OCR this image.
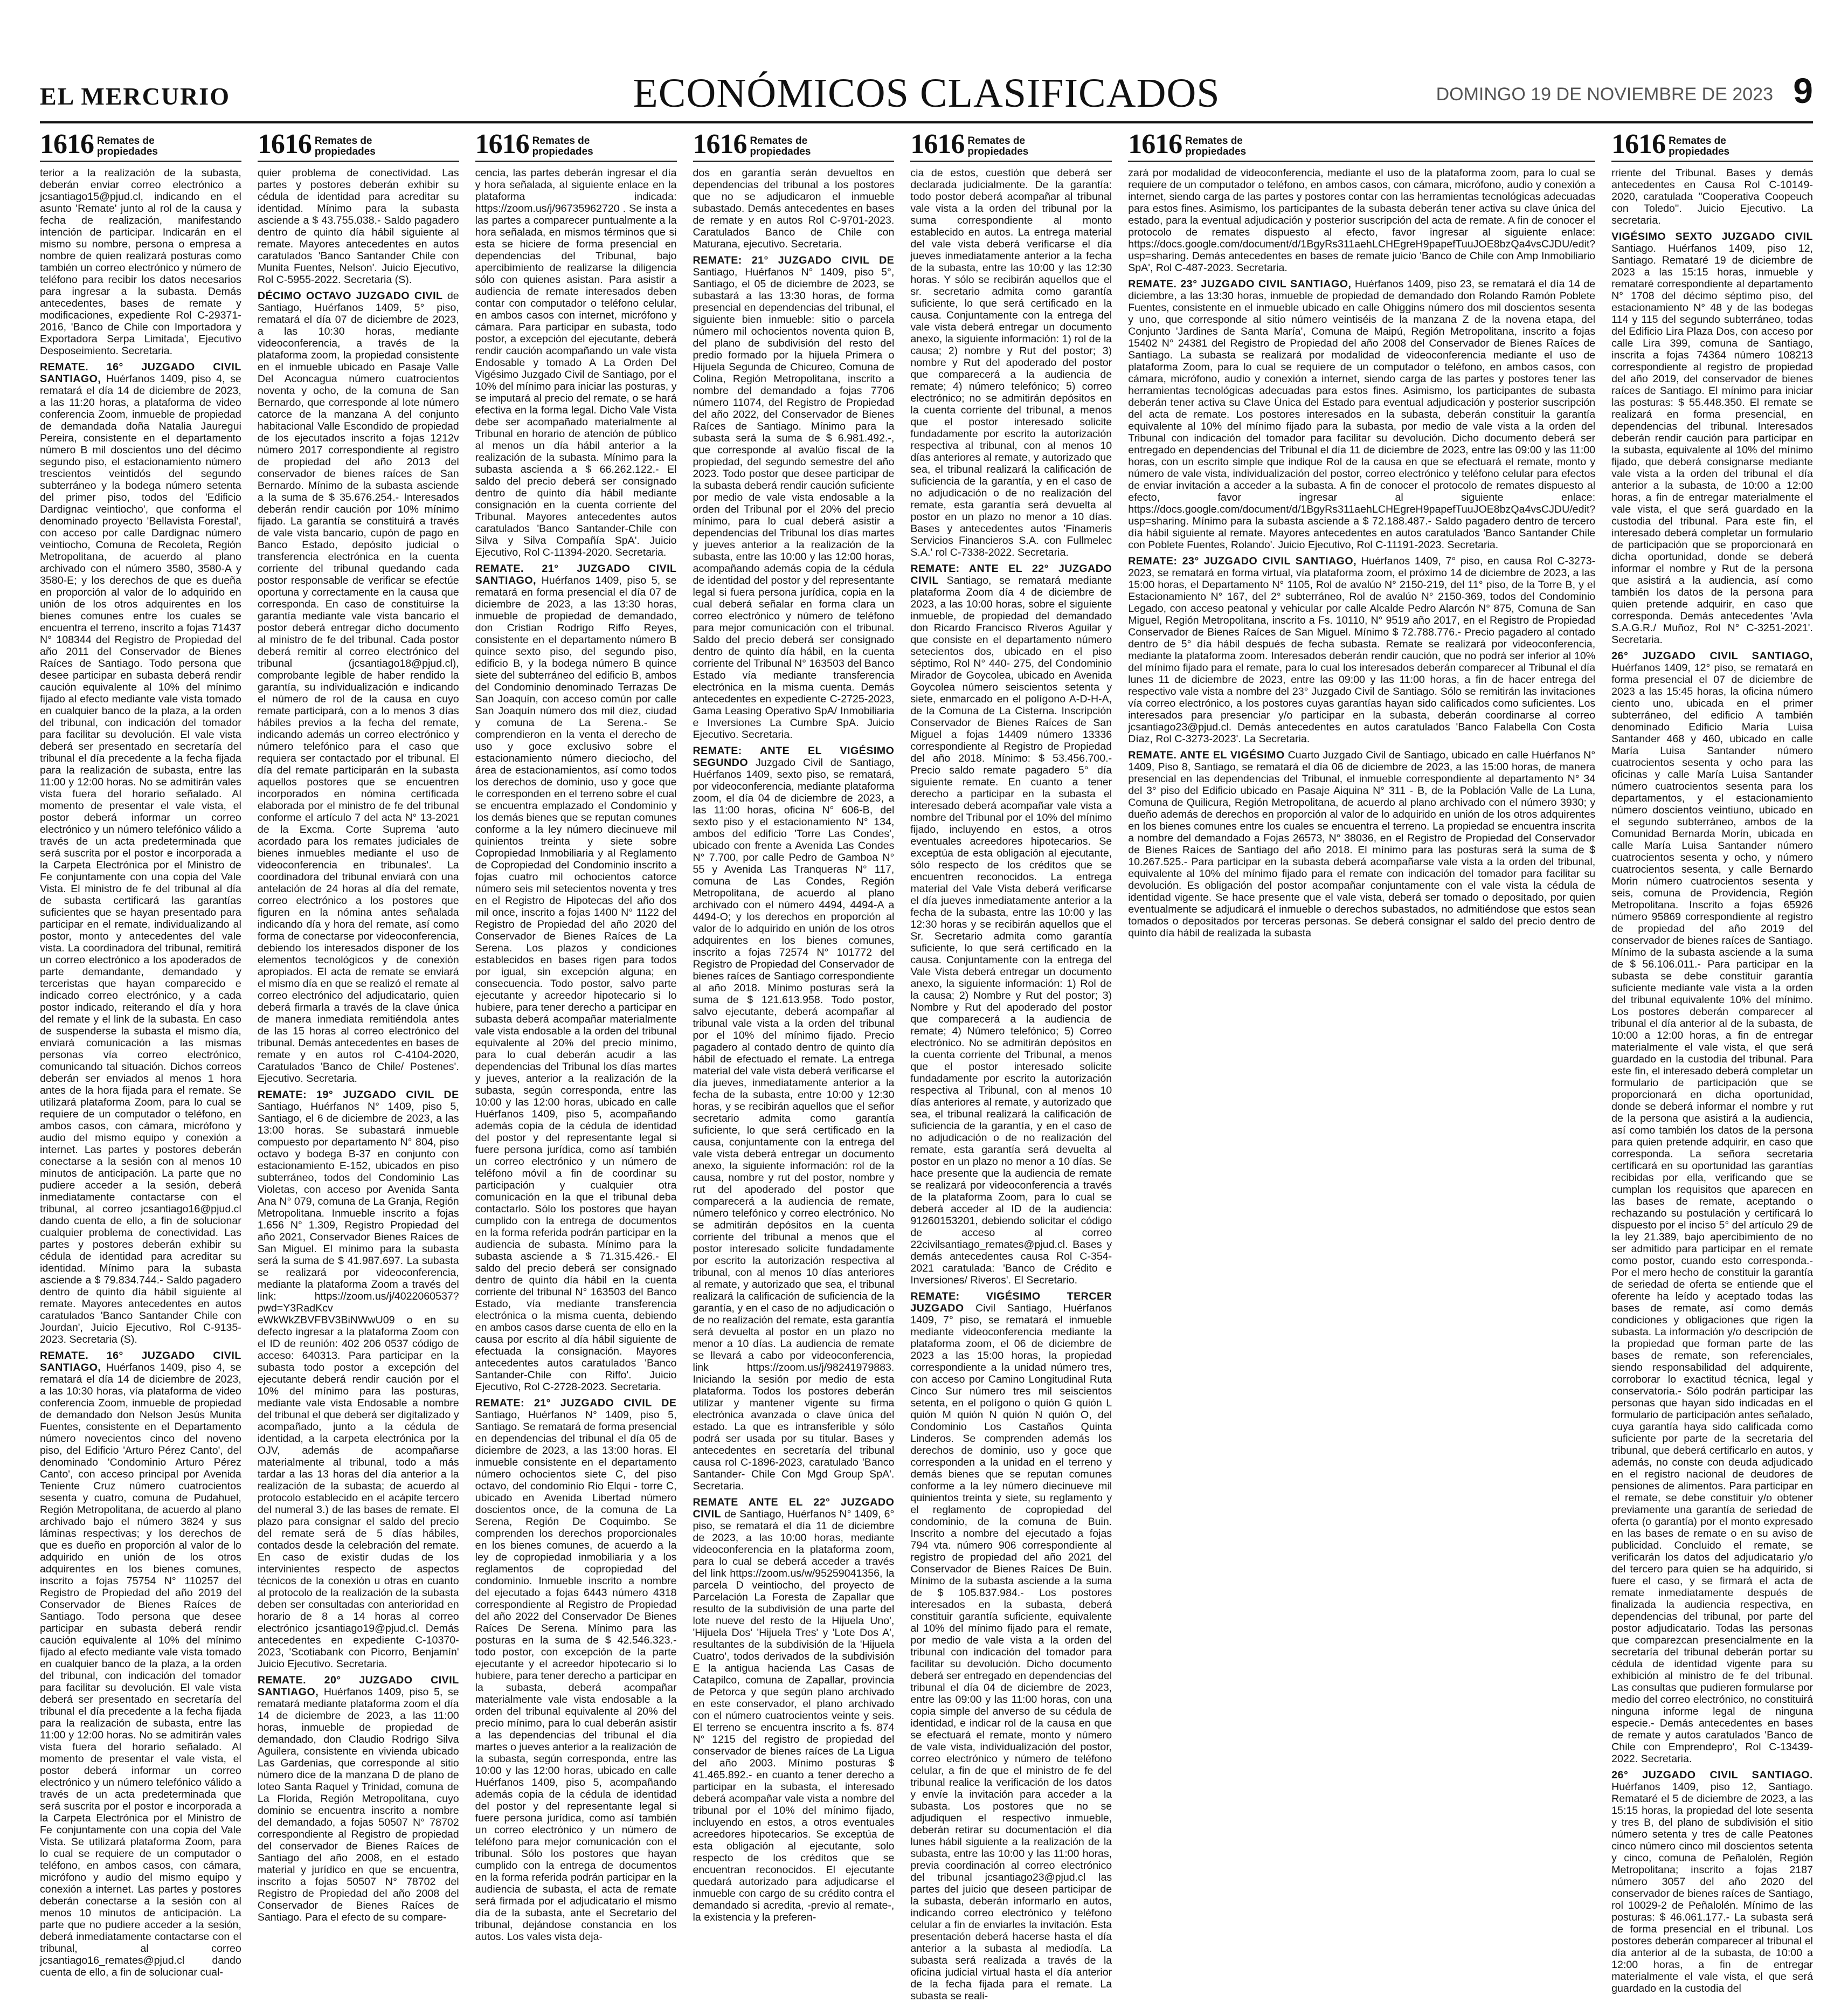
EL MERCURIO	ECONÓMICOS CLASIFICADOS	DOMINGO 19 DE NOVIEMBRE DE 2023 9
1616 Remates de
propiedades

terior a la realización de la subasta, deberán enviar correo electrónico a jcsantiago15@pjud.cl, indicando en el asunto 'Remate' junto al rol de la causa y fecha de realización, manifestando intención de participar. Indicarán en el mismo su nombre, persona o empresa a nombre de quien realizará posturas como también un correo electrónico y número de teléfono para recibir los datos necesarios para ingresar a la subasta. Demás antecedentes, bases de remate y modificaciones, expediente Rol C-29371-2016, 'Banco de Chile con Importadora y Exportadora Serpa Limitada', Ejecutivo Desposeimiento. Secretaria.

REMATE. 16° JUZGADO CIVIL SANTIAGO, Huérfanos 1409, piso 4, se rematará el día 14 de diciembre de 2023, a las 11:20 horas, a plataforma de video conferencia Zoom, inmueble de propiedad de demandada doña Natalia Jauregui Pereira, consistente en el departamento número B mil doscientos uno del décimo segundo piso, el estacionamiento número trescientos veintidós del segundo subterráneo y la bodega número setenta del primer piso, todos del 'Edificio Dardignac veintiocho', que conforma el denominado proyecto 'Bellavista Forestal', con acceso por calle Dardignac número veintiocho, Comuna de Recoleta, Región Metropolitana, de acuerdo al plano archivado con el número 3580, 3580-A y 3580-E; y los derechos de que es dueña en proporción al valor de lo adquirido en unión de los otros adquirentes en los bienes comunes entre los cuales se encuentra el terreno, inscrito a fojas 71437 N° 108344 del Registro de Propiedad del año 2011 del Conservador de Bienes Raíces de Santiago. Todo persona que desee participar en subasta deberá rendir caución equivalente al 10% del mínimo fijado al efecto mediante vale vista tomado en cualquier banco de la plaza, a la orden del tribunal, con indicación del tomador para facilitar su devolución. El vale vista deberá ser presentado en secretaría del tribunal el día precedente a la fecha fijada para la realización de subasta, entre las 11:00 y 12:00 horas. No se admitirán vales vista fuera del horario señalado. Al momento de presentar el vale vista, el postor deberá informar un correo electrónico y un número telefónico válido a través de un acta predeterminada que será suscrita por el postor e incorporada a la Carpeta Electrónica por el Ministro de Fe conjuntamente con una copia del Vale Vista. El ministro de fe del tribunal al día de subasta certificará las garantías suficientes que se hayan presentado para participar en el remate, individualizando al postor, monto y antecedentes del vale vista. La coordinadora del tribunal, remitirá un correo electrónico a los apoderados de parte demandante, demandado y terceristas que hayan comparecido e indicado correo electrónico, y a cada postor indicado, reiterando el día y hora del remate y el link de la subasta. En caso de suspenderse la subasta el mismo día, enviará comunicación a las mismas personas vía correo electrónico, comunicando tal situación. Dichos correos deberán ser enviados al menos 1 hora antes de la hora fijada para el remate. Se utilizará plataforma Zoom, para lo cual se requiere de un computador o teléfono, en ambos casos, con cámara, micrófono y audio del mismo equipo y conexión a internet. Las partes y postores deberán conectarse a la sesión con al menos 10 minutos de anticipación. La parte que no pudiere acceder a la sesión, deberá inmediatamente contactarse con el tribunal, al correo jcsantiago16@pjud.cl dando cuenta de ello, a fin de solucionar cualquier problema de conectividad. Las partes y postores deberán exhibir su cédula de identidad para acreditar su identidad. Mínimo para la subasta asciende a $ 79.834.744.- Saldo pagadero dentro de quinto día hábil siguiente al remate. Mayores antecedentes en autos caratulados 'Banco Santander Chile con Jourdan', Juicio Ejecutivo, Rol C-9135-2023. Secretaria (S).

REMATE. 16° JUZGADO CIVIL SANTIAGO, Huérfanos 1409, piso 4, se rematará el día 14 de diciembre de 2023, a las 10:30 horas, vía plataforma de video conferencia Zoom, inmueble de propiedad de demandado don Nelson Jesús Munita Fuentes, consistente en el Departamento número novecientos cinco del noveno piso, del Edificio 'Arturo Pérez Canto', del denominado 'Condominio Arturo Pérez Canto', con acceso principal por Avenida Teniente Cruz número cuatrocientos sesenta y cuatro, comuna de Pudahuel, Región Metropolitana, de acuerdo al plano archivado bajo el número 3824 y sus láminas respectivas; y los derechos de que es dueño en proporción al valor de lo adquirido en unión de los otros adquirentes en los bienes comunes, inscrito a fojas 75754 N° 110257 del Registro de Propiedad del año 2019 del Conservador de Bienes Raíces de Santiago. Todo persona que desee participar en subasta deberá rendir caución equivalente al 10% del mínimo fijado al efecto mediante vale vista tomado en cualquier banco de la plaza, a la orden del tribunal, con indicación del tomador para facilitar su devolución. El vale vista deberá ser presentado en secretaría del tribunal el día precedente a la fecha fijada para la realización de subasta, entre las 11:00 y 12:00 horas. No se admitirán vales vista fuera del horario señalado. Al momento de presentar el vale vista, el postor deberá informar un correo electrónico y un número telefónico válido a través de un acta predeterminada que será suscrita por el postor e incorporada a la Carpeta Electrónica por el Ministro de Fe conjuntamente con una copia del Vale Vista. Se utilizará plataforma Zoom, para lo cual se requiere de un computador o teléfono, en ambos casos, con cámara, micrófono y audio del mismo equipo y conexión a internet. Las partes y postores deberán conectarse a la sesión con al menos 10 minutos de anticipación. La parte que no pudiere acceder a la sesión, deberá inmediatamente contactarse con el tribunal, al correo jcsantiago16_remates@pjud.cl dando cuenta de ello, a fin de solucionar cual-

1616 Remates de
propiedades

quier problema de conectividad. Las partes y postores deberán exhibir su cédula de identidad para acreditar su identidad. Mínimo para la subasta asciende a $ 43.755.038.- Saldo pagadero dentro de quinto día hábil siguiente al remate. Mayores antecedentes en autos caratulados 'Banco Santander Chile con Munita Fuentes, Nelson'. Juicio Ejecutivo, Rol C-5955-2022. Secretaria (S).

DÉCIMO OCTAVO JUZGADO CIVIL de Santiago, Huérfanos 1409, 5° piso, rematará el día 07 de diciembre de 2023, a las 10:30 horas, mediante videoconferencia, a través de la plataforma zoom, la propiedad consistente en el inmueble ubicado en Pasaje Valle Del Aconcagua número cuatrocientos noventa y ocho, de la comuna de San Bernardo, que corresponde al lote número catorce de la manzana A del conjunto habitacional Valle Escondido de propiedad de los ejecutados inscrito a fojas 1212v número 2017 correspondiente al registro de propiedad del año 2013 del conservador de bienes raíces de San Bernardo. Mínimo de la subasta asciende a la suma de $ 35.676.254.- Interesados deberán rendir caución por 10% mínimo fijado. La garantía se constituirá a través de vale vista bancario, cupón de pago en Banco Estado, depósito judicial o transferencia electrónica en la cuenta corriente del tribunal quedando cada postor responsable de verificar se efectúe oportuna y correctamente en la causa que corresponda. En caso de constituirse la garantía mediante vale vista bancario el postor deberá entregar dicho documento al ministro de fe del tribunal. Cada postor deberá remitir al correo electrónico del tribunal (jcsantiago18@pjud.cl), comprobante legible de haber rendido la garantía, su individualización e indicando el número de rol de la causa en cuyo remate participará, con a lo menos 3 días hábiles previos a la fecha del remate, indicando además un correo electrónico y número telefónico para el caso que requiera ser contactado por el tribunal. El día del remate participarán en la subasta aquellos postores que se encuentren incorporados en nómina certificada elaborada por el ministro de fe del tribunal conforme el artículo 7 del acta N° 13-2021 de la Excma. Corte Suprema 'auto acordado para los remates judiciales de bienes inmuebles mediante el uso de videoconferencia en tribunales'. La coordinadora del tribunal enviará con una antelación de 24 horas al día del remate, correo electrónico a los postores que figuren en la nómina antes señalada indicando día y hora del remate, así como forma de conectarse por videoconferencia, debiendo los interesados disponer de los elementos tecnológicos y de conexión apropiados. El acta de remate se enviará el mismo día en que se realizó el remate al correo electrónico del adjudicatario, quien deberá firmarla a través de la clave única de manera inmediata remitiéndola antes de las 15 horas al correo electrónico del tribunal. Demás antecedentes en bases de remate y en autos rol C-4104-2020, Caratulados 'Banco de Chile/ Postenes'. Ejecutivo. Secretaria.

REMATE: 19° JUZGADO CIVIL DE Santiago, Huérfanos N° 1409, piso 5, Santiago, el 6 de diciembre de 2023, a las 13:00 horas. Se subastará inmueble compuesto por departamento N° 804, piso octavo y bodega B-37 en conjunto con estacionamiento E-152, ubicados en piso subterráneo, todos del Condominio Las Violetas, con acceso por Avenida Santa Ana N° 079, comuna de La Granja, Región Metropolitana. Inmueble inscrito a fojas 1.656 N° 1.309, Registro Propiedad del año 2021, Conservador Bienes Raíces de San Miguel. El mínimo para la subasta será la suma de $ 41.987.697. La subasta se realizará por videoconferencia, mediante la plataforma Zoom a través del link: https://zoom.us/j/4022060537?pwd=Y3RadKcv eWkWkZBVFBV3BiNWwU09 o en su defecto ingresar a la plataforma Zoom con el ID de reunión: 402 206 0537 código de acceso: 640313. Para participar en la subasta todo postor a excepción del ejecutante deberá rendir caución por el 10% del mínimo para las posturas, mediante vale vista Endosable a nombre del tribunal el que deberá ser digitalizado y acompañado, junto a la cédula de identidad, a la carpeta electrónica por la OJV, además de acompañarse materialmente al tribunal, todo a más tardar a las 13 horas del día anterior a la realización de la subasta; de acuerdo al protocolo establecido en el acápite tercero del numeral 3.) de las bases de remate. El plazo para consignar el saldo del precio del remate será de 5 días hábiles, contados desde la celebración del remate. En caso de existir dudas de los intervinientes respecto de aspectos técnicos de la conexión u otras en cuanto al protocolo de la realización de la subasta deben ser consultadas con anterioridad en horario de 8 a 14 horas al correo electrónico jcsantiago19@pjud.cl. Demás antecedentes en expediente C-10370-2023, 'Scotiabank con Picorro, Benjamín' Juicio Ejecutivo. Secretaria.

REMATE. 20° JUZGADO CIVIL SANTIAGO, Huérfanos 1409, piso 5, se rematará mediante plataforma zoom el día 14 de diciembre de 2023, a las 11:00 horas, inmueble de propiedad de demandado, don Claudio Rodrigo Silva Aguilera, consistente en vivienda ubicado Las Gardenias, que corresponde al sitio número dice de la manzana D de plano de loteo Santa Raquel y Trinidad, comuna de La Florida, Región Metropolitana, cuyo dominio se encuentra inscrito a nombre del demandado, a fojas 50507 N° 78702 correspondiente al Registro de propiedad del conservador de Bienes Raíces de Santiago del año 2008, en el estado material y jurídico en que se encuentra, inscrito a fojas 50507 N° 78702 del Registro de Propiedad del año 2008 del Conservador de Bienes Raíces de Santiago. Para el efecto de su compare-

1616 Remates de
propiedades

cencia, las partes deberán ingresar el día y hora señalada, al siguiente enlace en la plataforma indicada: https://zoom.us/j/96735962720 . Se insta a las partes a comparecer puntualmente a la hora señalada, en mismos términos que si esta se hiciere de forma presencial en dependencias del Tribunal, bajo apercibimiento de realizarse la diligencia sólo con quienes asistan. Para asistir a audiencia de remate interesados deben contar con computador o teléfono celular, en ambos casos con internet, micrófono y cámara. Para participar en subasta, todo postor, a excepción del ejecutante, deberá rendir caución acompañando un vale vista Endosable y tomado A La Orden Del Vigésimo Juzgado Civil de Santiago, por el 10% del mínimo para iniciar las posturas, y se imputará al precio del remate, o se hará efectiva en la forma legal. Dicho Vale Vista debe ser acompañado materialmente al Tribunal en horario de atención de público al menos un día hábil anterior a la realización de la subasta. Mínimo para la subasta ascienda a $ 66.262.122.- El saldo del precio deberá ser consignado dentro de quinto día hábil mediante consignación en la cuenta corriente del Tribunal. Mayores antecedentes autos caratulados 'Banco Santander-Chile con Silva y Silva Compañía SpA'. Juicio Ejecutivo, Rol C-11394-2020. Secretaria.

REMATE. 21° JUZGADO CIVIL SANTIAGO, Huérfanos 1409, piso 5, se rematará en forma presencial el día 07 de diciembre de 2023, a las 13:30 horas, inmueble de propiedad de demandado, don Cristian Rodrigo Riffo Reyes, consistente en el departamento número B quince sexto piso, del segundo piso, edificio B, y la bodega número B quince siete del subterráneo del edificio B, ambos del Condominio denominado Terrazas De San Joaquín, con acceso común por calle San Joaquín número dos mil diez, ciudad y comuna de La Serena.- Se comprendieron en la venta el derecho de uso y goce exclusivo sobre el estacionamiento número dieciocho, del área de estacionamientos, así como todos los derechos de dominio, uso y goce que le corresponden en el terreno sobre el cual se encuentra emplazado el Condominio y los demás bienes que se reputan comunes conforme a la ley número diecinueve mil quinientos treinta y siete sobre Copropiedad Inmobiliaria y al Reglamento de Copropiedad del Condominio inscrito a fojas cuatro mil ochocientos catorce número seis mil setecientos noventa y tres en el Registro de Hipotecas del año dos mil once, inscrito a fojas 1400 N° 1122 del Registro de Propiedad del año 2020 del Conservador de Bienes Raíces de La Serena. Los plazos y condiciones establecidos en bases rigen para todos por igual, sin excepción alguna; en consecuencia. Todo postor, salvo parte ejecutante y acreedor hipotecario si lo hubiere, para tener derecho a participar en subasta deberá acompañar materialmente vale vista endosable a la orden del tribunal equivalente al 20% del precio mínimo, para lo cual deberán acudir a las dependencias del Tribunal los días martes y jueves, anterior a la realización de la subasta, según corresponda, entre las 10:00 y las 12:00 horas, ubicado en calle Huérfanos 1409, piso 5, acompañando además copia de la cédula de identidad del postor y del representante legal si fuere persona jurídica, como así también un correo electrónico y un número de teléfono móvil a fin de coordinar su participación y cualquier otra comunicación en la que el tribunal deba contactarlo. Sólo los postores que hayan cumplido con la entrega de documentos en la forma referida podrán participar en la audiencia de subasta. Mínimo para la subasta asciende a $ 71.315.426.- El saldo del precio deberá ser consignado dentro de quinto día hábil en la cuenta corriente del tribunal N° 163503 del Banco Estado, vía mediante transferencia electrónica o la misma cuenta, debiendo en ambos casos darse cuenta de ello en la causa por escrito al día hábil siguiente de efectuada la consignación. Mayores antecedentes autos caratulados 'Banco Santander-Chile con Riffo'. Juicio Ejecutivo, Rol C-2728-2023. Secretaria.

REMATE: 21° JUZGADO CIVIL DE Santiago, Huérfanos N° 1409, piso 5, Santiago. Se rematará de forma presencial en dependencias del tribunal el día 05 de diciembre de 2023, a las 13:00 horas. El inmueble consistente en el departamento número ochocientos siete C, del piso octavo, del condominio Rio Elqui - torre C, ubicado en Avenida Libertad número doscientos once, de la comuna de La Serena, Región De Coquimbo. Se comprenden los derechos proporcionales en los bienes comunes, de acuerdo a la ley de copropiedad inmobiliaria y a los reglamentos de copropiedad del condominio. Inmueble inscrito a nombre del ejecutado a fojas 6443 número 4318 correspondiente al Registro de Propiedad del año 2022 del Conservador De Bienes Raíces De Serena. Mínimo para las posturas en la suma de $ 42.546.323.- todo postor, con excepción de la parte ejecutante y el acreedor hipotecario si lo hubiere, para tener derecho a participar en la subasta, deberá acompañar materialmente vale vista endosable a la orden del tribunal equivalente al 20% del precio mínimo, para lo cual deberán asistir a las dependencias del tribunal el día martes o jueves anterior a la realización de la subasta, según corresponda, entre las 10:00 y las 12:00 horas, ubicado en calle Huérfanos 1409, piso 5, acompañando además copia de la cédula de identidad del postor y del representante legal si fuere persona jurídica, como así también un correo electrónico y un número de teléfono para mejor comunicación con el tribunal. Sólo los postores que hayan cumplido con la entrega de documentos en la forma referida podrán participar en la audiencia de subasta, el acta de remate será firmada por el adjudicatario el mismo día de la subasta, ante el Secretario del tribunal, dejándose constancia en los autos. Los vales vista deja-

1616 Remates de
propiedades

dos en garantía serán devueltos en dependencias del tribunal a los postores que no se adjudicaron el inmueble subastado. Demás antecedentes en bases de remate y en autos Rol C-9701-2023. Caratulados Banco de Chile con Maturana, ejecutivo. Secretaria.

REMATE: 21° JUZGADO CIVIL DE Santiago, Huérfanos N° 1409, piso 5°, Santiago, el 05 de diciembre de 2023, se subastará a las 13:30 horas, de forma presencial en dependencias del tribunal, el siguiente bien inmueble: sitio o parcela número mil ochocientos noventa quion B, del plano de subdivisión del resto del predio formado por la hijuela Primera o Hijuela Segunda de Chicureo, Comuna de Colina, Región Metropolitana, inscrito a nombre del demandado a fojas 7706 número 11074, del Registro de Propiedad del año 2022, del Conservador de Bienes Raíces de Santiago. Mínimo para la subasta será la suma de $ 6.981.492.-, que corresponde al avalúo fiscal de la propiedad, del segundo semestre del año 2023. Todo postor que desee participar de la subasta deberá rendir caución suficiente por medio de vale vista endosable a la orden del Tribunal por el 20% del precio mínimo, para lo cual deberá asistir a dependencias del Tribunal los días martes y jueves anterior a la realización de la subasta, entre las 10:00 y las 12:00 horas, acompañando además copia de la cédula de identidad del postor y del representante legal si fuera persona jurídica, copia en la cual deberá señalar en forma clara un correo electrónico y número de teléfono para mejor comunicación con el tribunal. Saldo del precio deberá ser consignado dentro de quinto día hábil, en la cuenta corriente del Tribunal N° 163503 del Banco Estado vía mediante transferencia electrónica en la misma cuenta. Demás antecedentes en expediente C-2725-2023, Gama Leasing Operativo SpA/ Inmobiliaria e Inversiones La Cumbre SpA. Juicio Ejecutivo. Secretaria.

REMATE: ANTE EL VIGÉSIMO SEGUNDO Juzgado Civil de Santiago, Huérfanos 1409, sexto piso, se rematará, por videoconferencia, mediante plataforma zoom, el día 04 de diciembre de 2023, a las 11:00 horas, oficina N° 606-B, del sexto piso y el estacionamiento N° 134, ambos del edificio 'Torre Las Condes', ubicado con frente a Avenida Las Condes N° 7.700, por calle Pedro de Gamboa N° 55 y Avenida Las Tranqueras N° 117, comuna de Las Condes, Región Metropolitana, de acuerdo al plano archivado con el número 4494, 4494-A a 4494-O; y los derechos en proporción al valor de lo adquirido en unión de los otros adquirentes en los bienes comunes, inscrito a fojas 72574 N° 101772 del Registro de Propiedad del Conservador de bienes raíces de Santiago correspondiente al año 2018. Mínimo posturas será la suma de $ 121.613.958. Todo postor, salvo ejecutante, deberá acompañar al tribunal vale vista a la orden del tribunal por el 10% del mínimo fijado. Precio pagadero al contado dentro de quinto día hábil de efectuado el remate. La entrega material del vale vista deberá verificarse el día jueves, inmediatamente anterior a la fecha de la subasta, entre 10:00 y 12:30 horas, y se recibirán aquellos que el señor secretario admita como garantía suficiente, lo que será certificado en la causa, conjuntamente con la entrega del vale vista deberá entregar un documento anexo, la siguiente información: rol de la causa, nombre y rut del postor, nombre y rut del apoderado del postor que comparecerá a la audiencia de remate, número telefónico y correo electrónico. No se admitirán depósitos en la cuenta corriente del tribunal a menos que el postor interesado solicite fundadamente por escrito la autorización respectiva al tribunal, con al menos 10 días anteriores al remate, y autorizado que sea, el tribunal realizará la calificación de suficiencia de la garantía, y en el caso de no adjudicación o de no realización del remate, esta garantía será devuelta al postor en un plazo no menor a 10 días. La audiencia de remate se llevará a cabo por videoconferencia, link https://zoom.us/j/98241979883. Iniciando la sesión por medio de esta plataforma. Todos los postores deberán utilizar y mantener vigente su firma electrónica avanzada o clave única del estado. La que es intransferible y sólo podrá ser usada por su titular. Bases y antecedentes en secretaría del tribunal causa rol C-1896-2023, caratulado 'Banco Santander- Chile Con Mgd Group SpA'. Secretaria.

REMATE ANTE EL 22° JUZGADO CIVIL de Santiago, Huérfanos N° 1409, 6° piso, se rematará el día 11 de diciembre de 2023, a las 10:00 horas, mediante videoconferencia en la plataforma zoom, para lo cual se deberá acceder a través del link https://zoom.us/w/95259041356, la parcela D veintiocho, del proyecto de Parcelación La Foresta de Zapallar que resulto de la subdivisión de una parte del lote nueve del resto de la Hijuela Uno', 'Hijuela Dos' 'Hijuela Tres' y 'Lote Dos A', resultantes de la subdivisión de la 'Hijuela Cuatro', todos derivados de la subdivisión E la antigua hacienda Las Casas de Catapilco, comuna de Zapallar, provincia de Petorca y que según plano archivado en este conservador, el plano archivado con el número cuatrocientos veinte y seis. El terreno se encuentra inscrito a fs. 874 N° 1215 del registro de propiedad del conservador de bienes raíces de La Ligua del año 2003. Mínimo posturas $ 41.465.892.- en cuanto a tener derecho a participar en la subasta, el interesado deberá acompañar vale vista a nombre del tribunal por el 10% del mínimo fijado, incluyendo en estos, a otros eventuales acreedores hipotecarios. Se exceptúa de esta obligación al ejecutante, solo respecto de los créditos que se encuentran reconocidos. El ejecutante quedará autorizado para adjudicarse el inmueble con cargo de su crédito contra el demandado si acredita, -previo al remate-, la existencia y la preferen-

1616 Remates de
propiedades

cia de estos, cuestión que deberá ser declarada judicialmente. De la garantía: todo postor deberá acompañar al tribunal vale vista a la orden del tribunal por la suma correspondiente al monto establecido en autos. La entrega material del vale vista deberá verificarse el día jueves inmediatamente anterior a la fecha de la subasta, entre las 10:00 y las 12:30 horas. Y sólo se recibirán aquellos que el sr. secretario admita como garantía suficiente, lo que será certificado en la causa. Conjuntamente con la entrega del vale vista deberá entregar un documento anexo, la siguiente información: 1) rol de la causa; 2) nombre y Rut del postor; 3) nombre y Rut del apoderado del postor que comparecerá a la audiencia de remate; 4) número telefónico; 5) correo electrónico; no se admitirán depósitos en la cuenta corriente del tribunal, a menos que el postor interesado solicite fundadamente por escrito la autorización respectiva al tribunal, con al menos 10 días anteriores al remate, y autorizado que sea, el tribunal realizará la calificación de suficiencia de la garantía, y en el caso de no adjudicación o de no realización del remate, esta garantía será devuelta al postor en un plazo no menor a 10 días. Bases y antecedentes autos 'Finameris Servicios Financieros S.A. con Fullmelec S.A.' rol C-7338-2022. Secretaria.

REMATE: ANTE EL 22° JUZGADO CIVIL Santiago, se rematará mediante plataforma Zoom día 4 de diciembre de 2023, a las 10:00 horas, sobre el siguiente inmueble, de propiedad del demandado don Ricardo Francisco Riveros Aguilar y que consiste en el departamento número setecientos dos, ubicado en el piso séptimo, Rol N° 440- 275, del Condominio Mirador de Goycolea, ubicado en Avenida Goycolea número seiscientos setenta y siete, enmarcado en el polígono A-D-H-A, de la Comuna de La Cisterna. Inscripción Conservador de Bienes Raíces de San Miguel a fojas 14409 número 13336 correspondiente al Registro de Propiedad del año 2018. Mínimo: $ 53.456.700.- Precio saldo remate pagadero 5° día siguiente remate. En cuanto a tener derecho a participar en la subasta el interesado deberá acompañar vale vista a nombre del Tribunal por el 10% del mínimo fijado, incluyendo en estos, a otros eventuales acreedores hipotecarios. Se exceptúa de esta obligación al ejecutante, sólo respecto de los créditos que se encuentren reconocidos. La entrega material del Vale Vista deberá verificarse el día jueves inmediatamente anterior a la fecha de la subasta, entre las 10:00 y las 12:30 horas y se recibirán aquellos que el Sr. Secretario admita como garantía suficiente, lo que será certificado en la causa. Conjuntamente con la entrega del Vale Vista deberá entregar un documento anexo, la siguiente información: 1) Rol de la causa; 2) Nombre y Rut del postor; 3) Nombre y Rut del apoderado del postor que comparecerá a la audiencia de remate; 4) Número telefónico; 5) Correo electrónico. No se admitirán depósitos en la cuenta corriente del Tribunal, a menos que el postor interesado solicite fundadamente por escrito la autorización respectiva al Tribunal, con al menos 10 días anteriores al remate, y autorizado que sea, el tribunal realizará la calificación de suficiencia de la garantía, y en el caso de no adjudicación o de no realización del remate, esta garantía será devuelta al postor en un plazo no menor a 10 días. Se hace presente que la audiencia de remate se realizará por videoconferencia a través de la plataforma Zoom, para lo cual se deberá acceder al ID de la audiencia: 91260153201, debiendo solicitar el código de acceso al correo 22civilsantiago_remates@pjud.cl. Bases y demás antecedentes causa Rol C-354-2021 caratulada: 'Banco de Crédito e Inversiones/ Riveros'. El Secretario.

REMATE: VIGÉSIMO TERCER JUZGADO Civil Santiago, Huérfanos 1409, 7° piso, se rematará el inmueble mediante videoconferencia mediante la plataforma zoom, el 06 de diciembre de 2023 a las 15:00 horas, la propiedad correspondiente a la unidad número tres, con acceso por Camino Longitudinal Ruta Cinco Sur número tres mil seiscientos setenta, en el polígono o quión G quión L quión M quión N quión N quión O, del Condominio Los Castaños Quinta Linderos. Se comprenden además los derechos de dominio, uso y goce que corresponden a la unidad en el terreno y demás bienes que se reputan comunes conforme a la ley número diecinueve mil quinientos treinta y siete, su reglamento y el reglamento de copropiedad del condominio, de la comuna de Buin. Inscrito a nombre del ejecutado a fojas 794 vta. número 906 correspondiente al registro de propiedad del año 2021 del Conservador de Bienes Raíces De Buin. Mínimo de la subasta asciende a la suma de $ 105.837.984.- Los postores interesados en la subasta, deberá constituir garantía suficiente, equivalente al 10% del mínimo fijado para el remate, por medio de vale vista a la orden del tribunal con indicación del tomador para facilitar su devolución. Dicho documento deberá ser entregado en dependencias del tribunal el día 04 de diciembre de 2023, entre las 09:00 y las 11:00 horas, con una copia simple del anverso de su cédula de identidad, e indicar rol de la causa en que se efectuará el remate, monto y número de vale vista, individualización del postor, correo electrónico y número de teléfono celular, a fin de que el ministro de fe del tribunal realice la verificación de los datos y envíe la invitación para acceder a la subasta. Los postores que no se adjudiquen el respectivo inmueble, deberán retirar su documentación el día lunes hábil siguiente a la realización de la subasta, entre las 10:00 y las 11:00 horas, previa coordinación al correo electrónico del tribunal jcsantiago23@pjud.cl las partes del juicio que deseen participar de la subasta, deberán informarlo en autos, indicando correo electrónico y teléfono celular a fin de enviarles la invitación. Esta presentación deberá hacerse hasta el día anterior a la subasta al mediodía. La subasta será realizada a través de la oficina judicial virtual hasta el día anterior de la fecha fijada para el remate. La subasta se reali-

1616 Remates de
propiedades

zará por modalidad de videoconferencia, mediante el uso de la plataforma zoom, para lo cual se requiere de un computador o teléfono, en ambos casos, con cámara, micrófono, audio y conexión a internet, siendo carga de las partes y postores contar con las herramientas tecnológicas adecuadas para estos fines. Asimismo, los participantes de la subasta deberán tener activa su clave única del estado, para la eventual adjudicación y posterior suscripción del acta de remate. A fin de conocer el protocolo de remates dispuesto al efecto, favor ingresar al siguiente enlace: https://docs.google.com/document/d/1BgyRs311aehLCHEgreH9papefTuuJOE8bzQa4vsCJDU/edit?usp=sharing. Demás antecedentes en bases de remate juicio 'Banco de Chile con Amp Inmobiliario SpA', Rol C-487-2023. Secretaria.

REMATE. 23° JUZGADO CIVIL SANTIAGO, Huérfanos 1409, piso 23, se rematará el día 14 de diciembre, a las 13:30 horas, inmueble de propiedad de demandado don Rolando Ramón Poblete Fuentes, consistente en el inmueble ubicado en calle Ohiggins número dos mil doscientos sesenta y uno, que corresponde al sitio número veintiséis de la manzana Z de la novena etapa, del Conjunto 'Jardines de Santa María', Comuna de Maipú, Región Metropolitana, inscrito a fojas 15402 N° 24381 del Registro de Propiedad del año 2008 del Conservador de Bienes Raíces de Santiago. La subasta se realizará por modalidad de videoconferencia mediante el uso de plataforma Zoom, para lo cual se requiere de un computador o teléfono, en ambos casos, con cámara, micrófono, audio y conexión a internet, siendo carga de las partes y postores tener las herramientas tecnológicas adecuadas para estos fines. Asimismo, los participantes de subasta deberán tener activa su Clave Única del Estado para eventual adjudicación y posterior suscripción del acta de remate. Los postores interesados en la subasta, deberán constituir la garantía equivalente al 10% del mínimo fijado para la subasta, por medio de vale vista a la orden del Tribunal con indicación del tomador para facilitar su devolución. Dicho documento deberá ser entregado en dependencias del Tribunal el día 11 de diciembre de 2023, entre las 09:00 y las 11:00 horas, con un escrito simple que indique Rol de la causa en que se efectuará el remate, monto y número de vale vista, individualización del postor, correo electrónico y teléfono celular para efectos de enviar invitación a acceder a la subasta. A fin de conocer el protocolo de remates dispuesto al efecto, favor ingresar al siguiente enlace: https://docs.google.com/document/d/1BgyRs311aehLCHEgreH9papefTuuJOE8bzQa4vsCJDU/edit?usp=sharing. Mínimo para la subasta asciende a $ 72.188.487.- Saldo pagadero dentro de tercero día hábil siguiente al remate. Mayores antecedentes en autos caratulados 'Banco Santander Chile con Poblete Fuentes, Rolando'. Juicio Ejecutivo, Rol C-11191-2023. Secretaria.

REMATE: 23° JUZGADO CIVIL SANTIAGO, Huérfanos 1409, 7° piso, en causa Rol C-3273-2023, se rematará en forma virtual, vía plataforma zoom, el próximo 14 de diciembre de 2023, a las 15:00 horas, el Departamento N° 1105, Rol de avalúo N° 2150-219, del 11° piso, de la Torre B, y el Estacionamiento N° 167, del 2° subterráneo, Rol de avalúo N° 2150-369, todos del Condominio Legado, con acceso peatonal y vehicular por calle Alcalde Pedro Alarcón N° 875, Comuna de San Miguel, Región Metropolitana, inscrito a Fs. 10110, N° 9519 año 2017, en el Registro de Propiedad Conservador de Bienes Raíces de San Miguel. Mínimo $ 72.788.776.- Precio pagadero al contado dentro de 5° día hábil después de fecha subasta. Remate se realizará por videoconferencia, mediante la plataforma zoom. Interesados deberán rendir caución, que no podrá ser inferior al 10% del mínimo fijado para el remate, para lo cual los interesados deberán comparecer al Tribunal el día lunes 11 de diciembre de 2023, entre las 09:00 y las 11:00 horas, a fin de hacer entrega del respectivo vale vista a nombre del 23° Juzgado Civil de Santiago. Sólo se remitirán las invitaciones vía correo electrónico, a los postores cuyas garantías hayan sido calificados como suficientes. Los interesados para presenciar y/o participar en la subasta, deberán coordinarse al correo jcsantiago23@pjud.cl. Demás antecedentes en autos caratulados 'Banco Falabella Con Costa Díaz, Rol C-3273-2023'. La Secretaria.

REMATE. ANTE EL VIGÉSIMO Cuarto Juzgado Civil de Santiago, ubicado en calle Huérfanos N° 1409, Piso 8, Santiago, se rematará el día 06 de diciembre de 2023, a las 15:00 horas, de manera presencial en las dependencias del Tribunal, el inmueble correspondiente al departamento N° 34 del 3° piso del Edificio ubicado en Pasaje Aiquina N° 311 - B, de la Población Valle de La Luna, Comuna de Quilicura, Región Metropolitana, de acuerdo al plano archivado con el número 3930; y dueño además de derechos en proporción al valor de lo adquirido en unión de los otros adquirentes en los bienes comunes entre los cuales se encuentra el terreno. La propiedad se encuentra inscrita a nombre del demandado a Fojas 26573, N° 38036, en el Registro de Propiedad del Conservador de Bienes Raíces de Santiago del año 2018. El mínimo para las posturas será la suma de $ 10.267.525.- Para participar en la subasta deberá acompañarse vale vista a la orden del tribunal, equivalente al 10% del mínimo fijado para el remate con indicación del tomador para facilitar su devolución. Es obligación del postor acompañar conjuntamente con el vale vista la cédula de identidad vigente. Se hace presente que el vale vista, deberá ser tomado o depositado, por quien eventualmente se adjudicará el inmueble o derechos subastados, no admitiéndose que estos sean tomados o depositados por terceras personas. Se deberá consignar el saldo del precio dentro de quinto día hábil de realizada la subasta

1616 Remates de
propiedades

rriente del Tribunal. Bases y demás antecedentes en Causa Rol C-10149-2020, caratulada ''Cooperativa Coopeuch con Toledo''. Juicio Ejecutivo. La secretaria.

VIGÉSIMO SEXTO JUZGADO CIVIL Santiago. Huérfanos 1409, piso 12, Santiago. Remataré 19 de diciembre de 2023 a las 15:15 horas, inmueble y remataré correspondiente al departamento N° 1708 del décimo séptimo piso, del estacionamiento N° 48 y de las bodegas 114 y 115 del segundo subterráneo, todas del Edificio Lira Plaza Dos, con acceso por calle Lira 399, comuna de Santiago, inscrita a fojas 74364 número 108213 correspondiente al registro de propiedad del año 2019, del conservador de bienes raíces de Santiago. El mínimo para iniciar las posturas: $ 55.448.350. El remate se realizará en forma presencial, en dependencias del tribunal. Interesados deberán rendir caución para participar en la subasta, equivalente al 10% del mínimo fijado, que deberá consignarse mediante vale vista a la orden del tribunal el día anterior a la subasta, de 10:00 a 12:00 horas, a fin de entregar materialmente el vale vista, el que será guardado en la custodia del tribunal. Para este fin, el interesado deberá completar un formulario de participación que se proporcionará en dicha oportunidad, donde se deberá informar el nombre y Rut de la persona que asistirá a la audiencia, así como también los datos de la persona para quien pretende adquirir, en caso que corresponda. Demás antecedentes 'Avla S.A.G.R./ Muñoz, Rol N° C-3251-2021'. Secretaria.

26° JUZGADO CIVIL SANTIAGO, Huérfanos 1409, 12° piso, se rematará en forma presencial el 07 de diciembre de 2023 a las 15:45 horas, la oficina número ciento uno, ubicada en el primer subterráneo, del edificio A también denominado Edificio María Luisa Santander 468 y 460, ubicado en calle María Luisa Santander número cuatrocientos sesenta y ocho para las oficinas y calle María Luisa Santander número cuatrocientos sesenta para los departamentos, y el estacionamiento número doscientos veintiuno, ubicado en el segundo subterráneo, ambos de la Comunidad Bernarda Morín, ubicada en calle María Luisa Santander número cuatrocientos sesenta y ocho, y número cuatrocientos sesenta, y calle Bernardo Morin número cuatrocientos sesenta y seis, comuna de Providencia, Región Metropolitana. Inscrito a fojas 65926 número 95869 correspondiente al registro de propiedad del año 2019 del conservador de bienes raíces de Santiago. Mínimo de la subasta asciende a la suma de $ 56.106.011.- Para participar en la subasta se debe constituir garantía suficiente mediante vale vista a la orden del tribunal equivalente 10% del mínimo. Los postores deberán comparecer al tribunal el día anterior al de la subasta, de 10:00 a 12:00 horas, a fin de entregar materialmente el vale vista, el que será guardado en la custodia del tribunal. Para este fin, el interesado deberá completar un formulario de participación que se proporcionará en dicha oportunidad, donde se deberá informar el nombre y rut de la persona que asistirá a la audiencia, así como también los datos de la persona para quien pretende adquirir, en caso que corresponda. La señora secretaria certificará en su oportunidad las garantías recibidas por ella, verificando que se cumplan los requisitos que aparecen en las bases de remate, aceptando o rechazando su postulación y certificará lo dispuesto por el inciso 5° del artículo 29 de la ley 21.389, bajo apercibimiento de no ser admitido para participar en el remate como postor, cuando esto corresponda.- Por el mero hecho de constituir la garantía de seriedad de oferta se entiende que el oferente ha leído y aceptado todas las bases de remate, así como demás condiciones y obligaciones que rigen la subasta. La información y/o descripción de la propiedad que forman parte de las bases de remate, son referenciales, siendo responsabilidad del adquirente, corroborar lo exactitud técnica, legal y conservatoria.- Sólo podrán participar las personas que hayan sido indicadas en el formulario de participación antes señalado, cuya garantía haya sido calificada como suficiente por parte de la secretaria del tribunal, que deberá certificarlo en autos, y además, no conste con deuda adjudicado en el registro nacional de deudores de pensiones de alimentos. Para participar en el remate, se debe constituir y/o obtener previamente una garantía de seriedad de oferta (o garantía) por el monto expresado en las bases de remate o en su aviso de publicidad. Concluido el remate, se verificarán los datos del adjudicatario y/o del tercero para quien se ha adquirido, si fuere el caso, y se firmará el acta de remate inmediatamente después de finalizada la audiencia respectiva, en dependencias del tribunal, por parte del postor adjudicatario. Todas las personas que comparezcan presencialmente en la secretaría del tribunal deberán portar su cédula de identidad vigente para su exhibición al ministro de fe del tribunal. Las consultas que pudieren formularse por medio del correo electrónico, no constituirá ninguna informe legal de ninguna especie.- Demás antecedentes en bases de remate y autos caratulados 'Banco de Chile con Emprendepro', Rol C-13439-2022. Secretaria.

26° JUZGADO CIVIL SANTIAGO. Huérfanos 1409, piso 12, Santiago. Remataré el 5 de diciembre de 2023, a las 15:15 horas, la propiedad del lote sesenta y tres B, del plano de subdivisión el sitio número setenta y tres de calle Peatones cinco número cinco mil doscientos setenta y cinco, comuna de Peñalolén, Región Metropolitana; inscrito a fojas 2187 número 3057 del año 2020 del conservador de bienes raíces de Santiago, rol 10029-2 de Peñalolén. Mínimo de las posturas: $ 46.061.177.- La subasta será de forma presencial en el tribunal. Los postores deberán comparecer al tribunal el día anterior al de la subasta, de 10:00 a 12:00 horas, a fin de entregar materialmente el vale vista, el que será guardado en la custodia del
